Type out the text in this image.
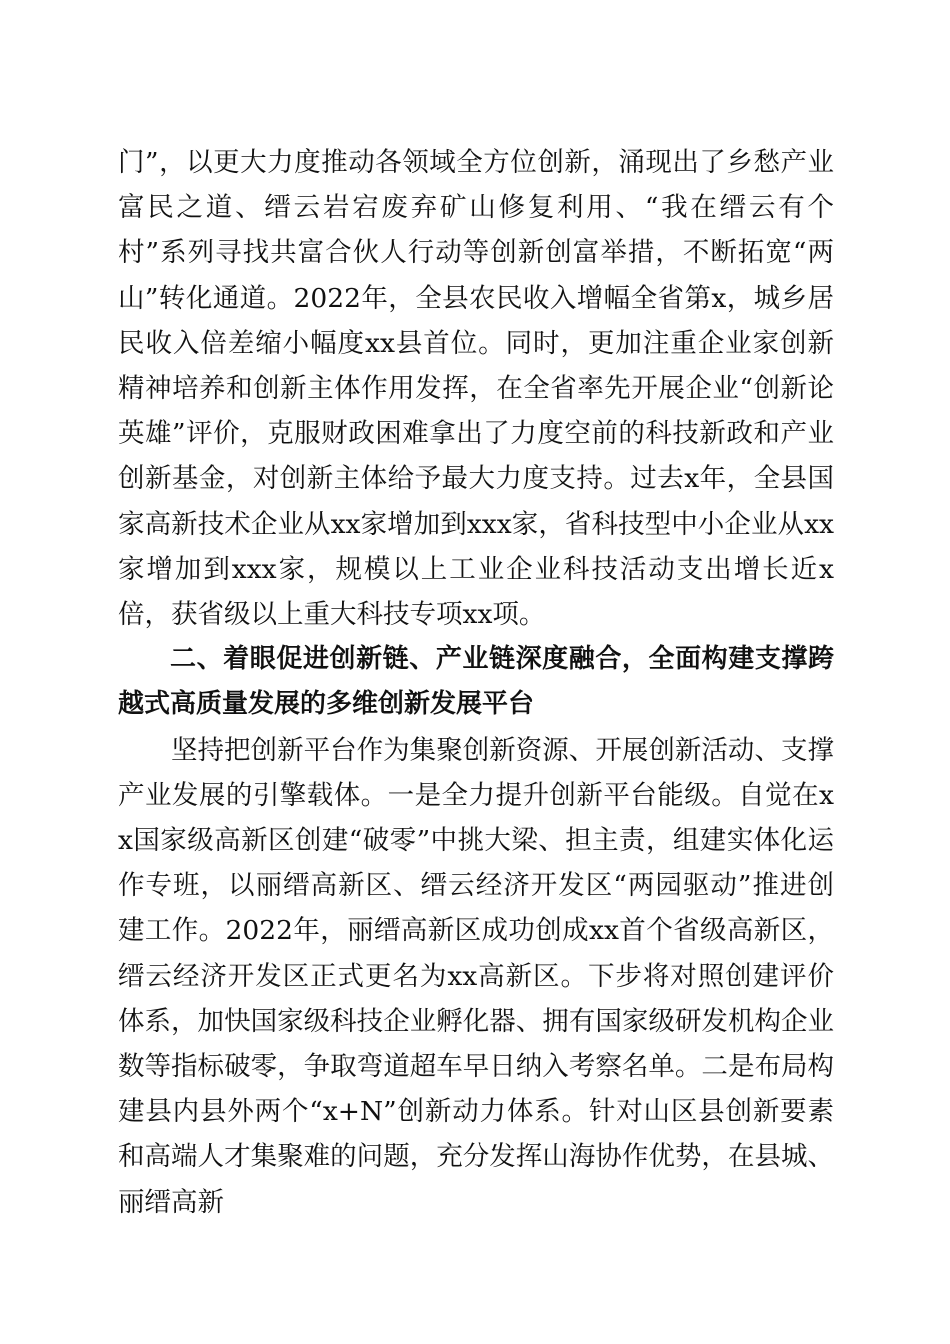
门”，以更大力度推动各领域全方位创新，涌现出了乡愁产业富民之道、缙云岩宕废弃矿山修复利用、“我在缙云有个村”系列寻找共富合伙人行动等创新创富举措，不断拓宽“两山”转化通道。2022年，全县农民收入增幅全省第x，城乡居民收入倍差缩小幅度xx县首位。同时，更加注重企业家创新精神培养和创新主体作用发挥，在全省率先开展企业“创新论英雄”评价，克服财政困难拿出了力度空前的科技新政和产业创新基金，对创新主体给予最大力度支持。过去x年，全县国家高新技术企业从xx家增加到xxx家，省科技型中小企业从xx家增加到xxx家，规模以上工业企业科技活动支出增长近x倍，获省级以上重大科技专项xx项。

二、着眼促进创新链、产业链深度融合，全面构建支撑跨越式高质量发展的多维创新发展平台

坚持把创新平台作为集聚创新资源、开展创新活动、支撑产业发展的引擎载体。一是全力提升创新平台能级。自觉在xx国家级高新区创建“破零”中挑大梁、担主责，组建实体化运作专班，以丽缙高新区、缙云经济开发区“两园驱动”推进创建工作。2022年，丽缙高新区成功创成xx首个省级高新区，缙云经济开发区正式更名为xx高新区。下步将对照创建评价体系，加快国家级科技企业孵化器、拥有国家级研发机构企业数等指标破零，争取弯道超车早日纳入考察名单。二是布局构建县内县外两个“x+N”创新动力体系。针对山区县创新要素和高端人才集聚难的问题，充分发挥山海协作优势，在县城、丽缙高新
